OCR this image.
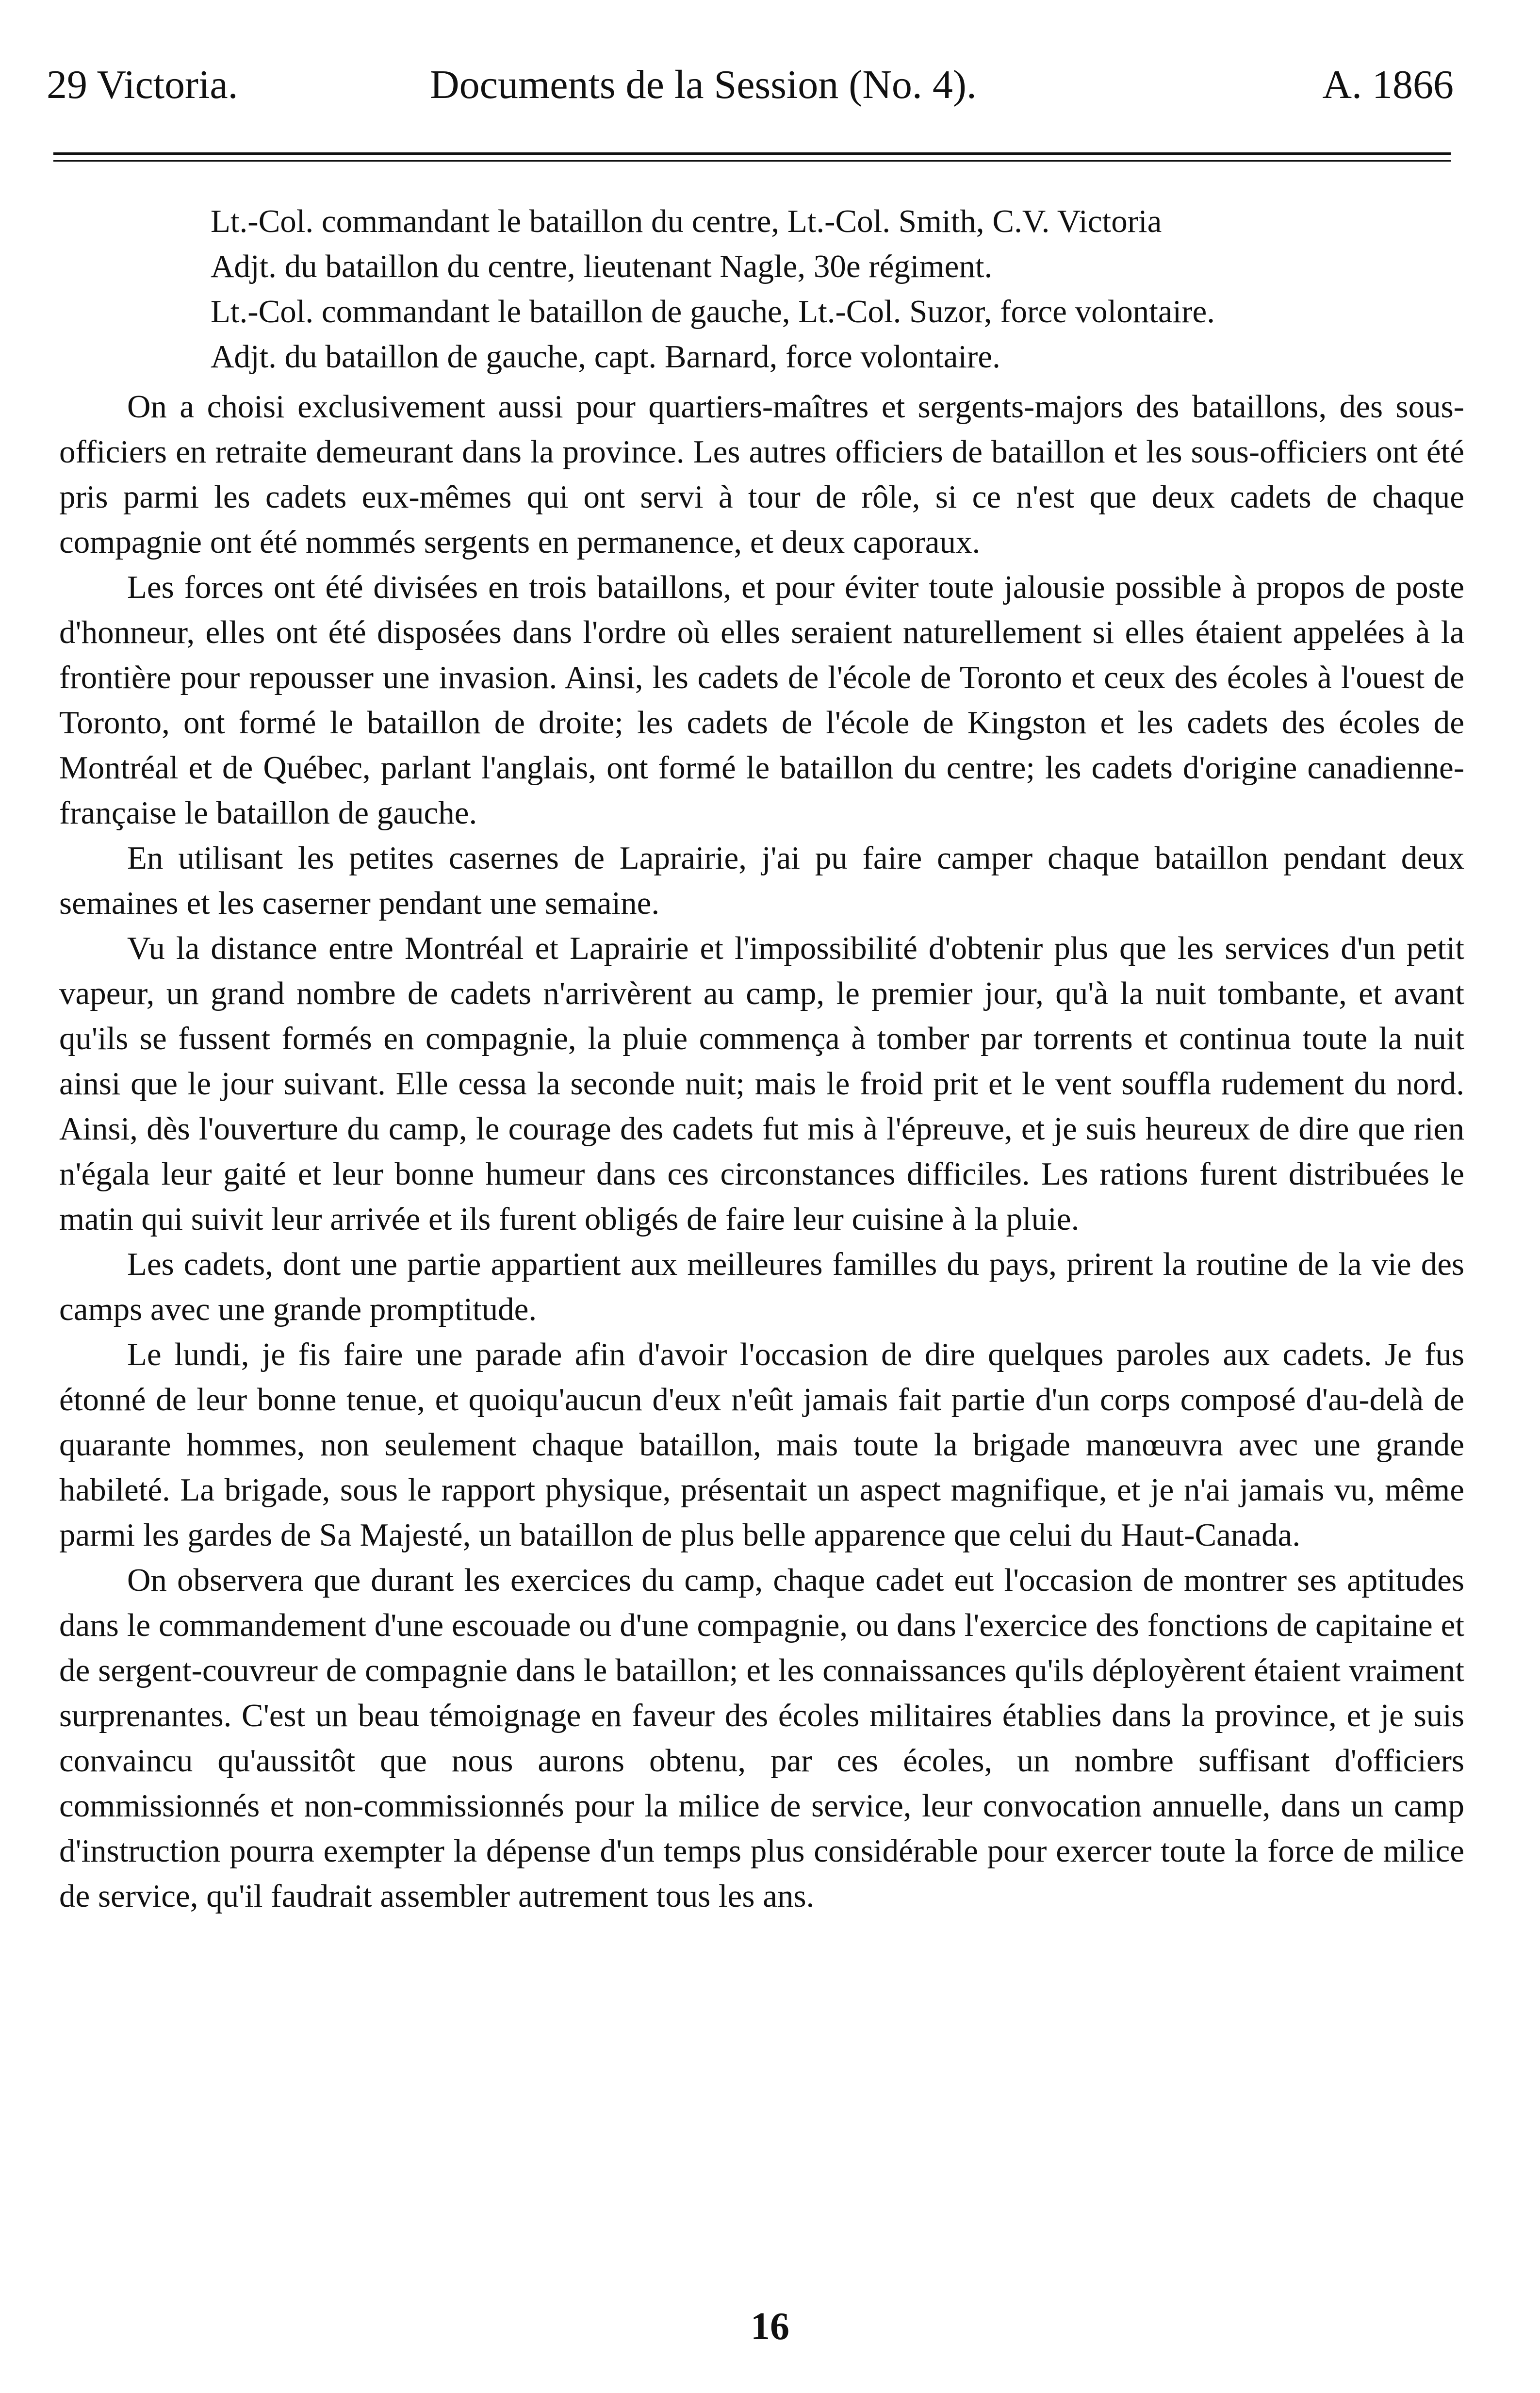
29 Victoria.	Documents de la Session (No. 4).	A. 1866
Lt.-Col. commandant le bataillon du centre, Lt.-Col. Smith, C.V. Victoria
Adjt. du bataillon du centre, lieutenant Nagle, 30e régiment.
Lt.-Col. commandant le bataillon de gauche, Lt.-Col. Suzor, force volontaire.
Adjt. du bataillon de gauche, capt. Barnard, force volontaire.

On a choisi exclusivement aussi pour quartiers-maîtres et sergents-majors des bataillons, des sous-officiers en retraite demeurant dans la province. Les autres officiers de bataillon et les sous-officiers ont été pris parmi les cadets eux-mêmes qui ont servi à tour de rôle, si ce n'est que deux cadets de chaque compagnie ont été nommés sergents en permanence, et deux caporaux.

Les forces ont été divisées en trois bataillons, et pour éviter toute jalousie possible à propos de poste d'honneur, elles ont été disposées dans l'ordre où elles seraient naturellement si elles étaient appelées à la frontière pour repousser une invasion. Ainsi, les cadets de l'école de Toronto et ceux des écoles à l'ouest de Toronto, ont formé le bataillon de droite; les cadets de l'école de Kingston et les cadets des écoles de Montréal et de Québec, parlant l'anglais, ont formé le bataillon du centre; les cadets d'origine canadienne-française le bataillon de gauche.

En utilisant les petites casernes de Laprairie, j'ai pu faire camper chaque bataillon pendant deux semaines et les caserner pendant une semaine.

Vu la distance entre Montréal et Laprairie et l'impossibilité d'obtenir plus que les services d'un petit vapeur, un grand nombre de cadets n'arrivèrent au camp, le premier jour, qu'à la nuit tombante, et avant qu'ils se fussent formés en compagnie, la pluie commença à tomber par torrents et continua toute la nuit ainsi que le jour suivant. Elle cessa la seconde nuit; mais le froid prit et le vent souffla rudement du nord. Ainsi, dès l'ouverture du camp, le courage des cadets fut mis à l'épreuve, et je suis heureux de dire que rien n'égala leur gaité et leur bonne humeur dans ces circonstances difficiles. Les rations furent distribuées le matin qui suivit leur arrivée et ils furent obligés de faire leur cuisine à la pluie.

Les cadets, dont une partie appartient aux meilleures familles du pays, prirent la routine de la vie des camps avec une grande promptitude.

Le lundi, je fis faire une parade afin d'avoir l'occasion de dire quelques paroles aux cadets. Je fus étonné de leur bonne tenue, et quoiqu'aucun d'eux n'eût jamais fait partie d'un corps composé d'au-delà de quarante hommes, non seulement chaque bataillon, mais toute la brigade manœuvra avec une grande habileté. La brigade, sous le rapport physique, présentait un aspect magnifique, et je n'ai jamais vu, même parmi les gardes de Sa Majesté, un bataillon de plus belle apparence que celui du Haut-Canada.

On observera que durant les exercices du camp, chaque cadet eut l'occasion de montrer ses aptitudes dans le commandement d'une escouade ou d'une compagnie, ou dans l'exercice des fonctions de capitaine et de sergent-couvreur de compagnie dans le bataillon; et les connaissances qu'ils déployèrent étaient vraiment surprenantes. C'est un beau témoignage en faveur des écoles militaires établies dans la province, et je suis convaincu qu'aussitôt que nous aurons obtenu, par ces écoles, un nombre suffisant d'officiers commissionnés et non-commissionnés pour la milice de service, leur convocation annuelle, dans un camp d'instruction pourra exempter la dépense d'un temps plus considérable pour exercer toute la force de milice de service, qu'il faudrait assembler autrement tous les ans.

16
